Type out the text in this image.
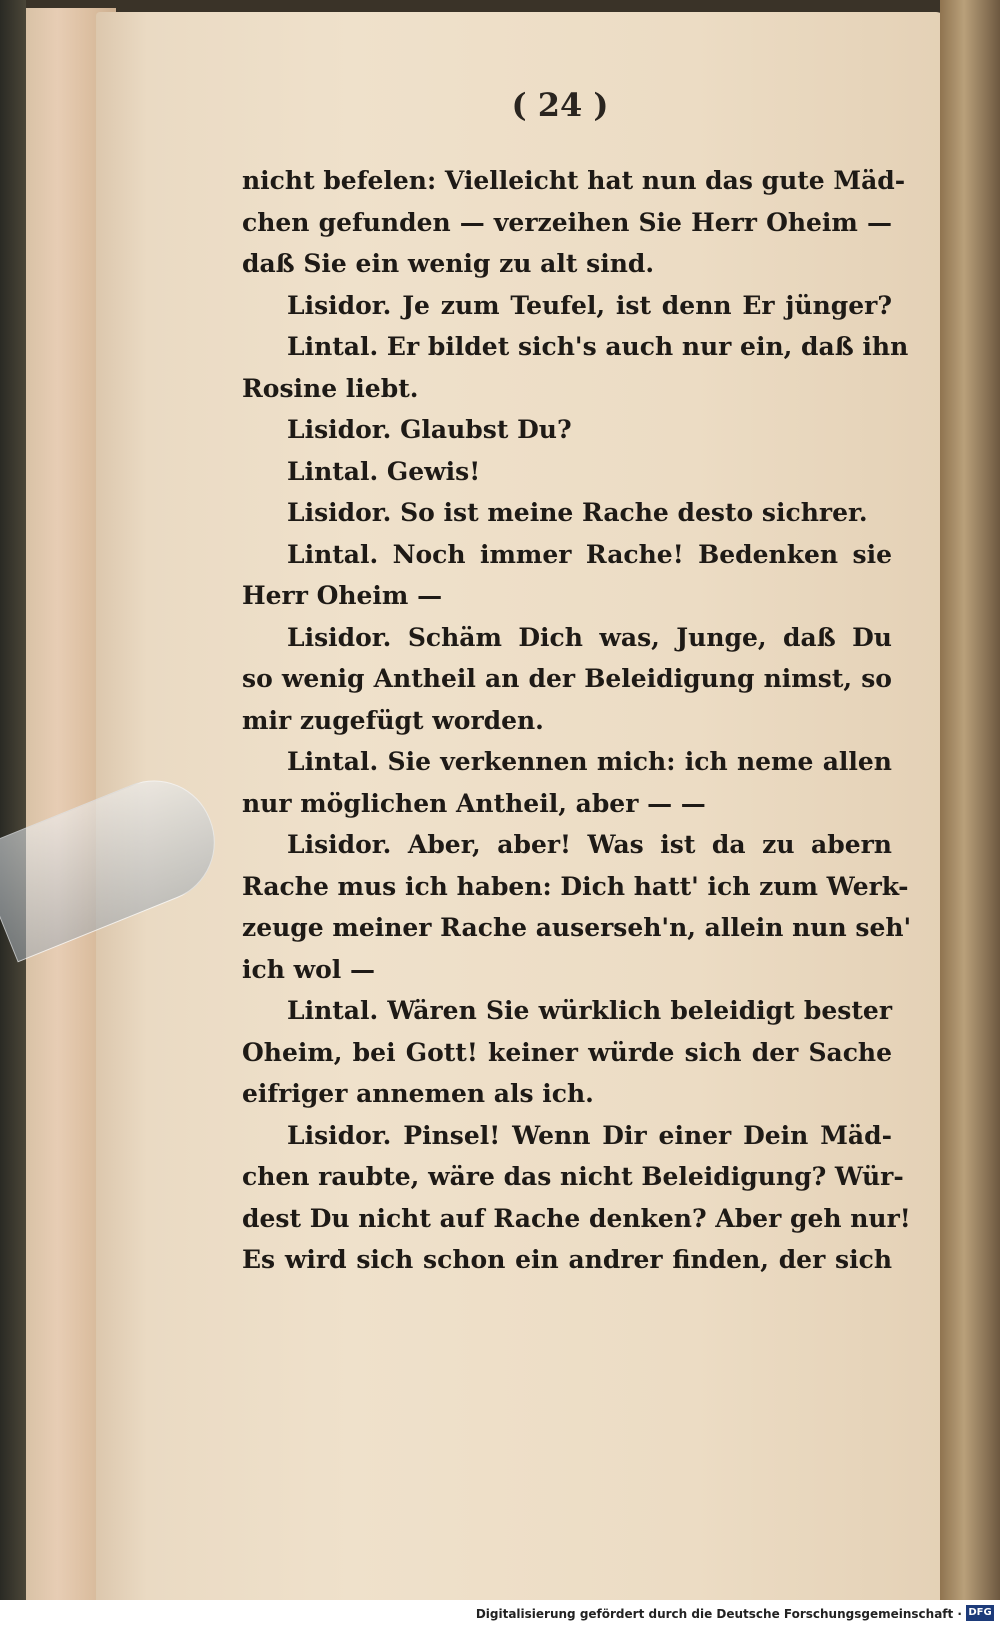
( 24 )
nicht befelen: Vielleicht hat nun das gute Mäd-
chen gefunden — verzeihen Sie Herr Oheim —
daß Sie ein wenig zu alt sind.
Lisidor. Je zum Teufel, ist denn Er jünger?
Lintal. Er bildet sich's auch nur ein, daß ihn
Rosine liebt.
Lisidor. Glaubst Du?
Lintal. Gewis!
Lisidor. So ist meine Rache desto sichrer.
Lintal. Noch immer Rache! Bedenken sie
Herr Oheim —
Lisidor. Schäm Dich was, Junge, daß Du
so wenig Antheil an der Beleidigung nimst, so
mir zugefügt worden.
Lintal. Sie verkennen mich: ich neme allen
nur möglichen Antheil, aber — —
Lisidor. Aber, aber! Was ist da zu abern
Rache mus ich haben: Dich hatt' ich zum Werk-
zeuge meiner Rache auserseh'n, allein nun seh'
ich wol —
Lintal. Wären Sie würklich beleidigt bester
Oheim, bei Gott! keiner würde sich der Sache
eifriger annemen als ich.
Lisidor. Pinsel! Wenn Dir einer Dein Mäd-
chen raubte, wäre das nicht Beleidigung? Wür-
dest Du nicht auf Rache denken? Aber geh nur!
Es wird sich schon ein andrer finden, der sich
Digitalisierung gefördert durch die Deutsche Forschungsgemeinschaft · DFG
